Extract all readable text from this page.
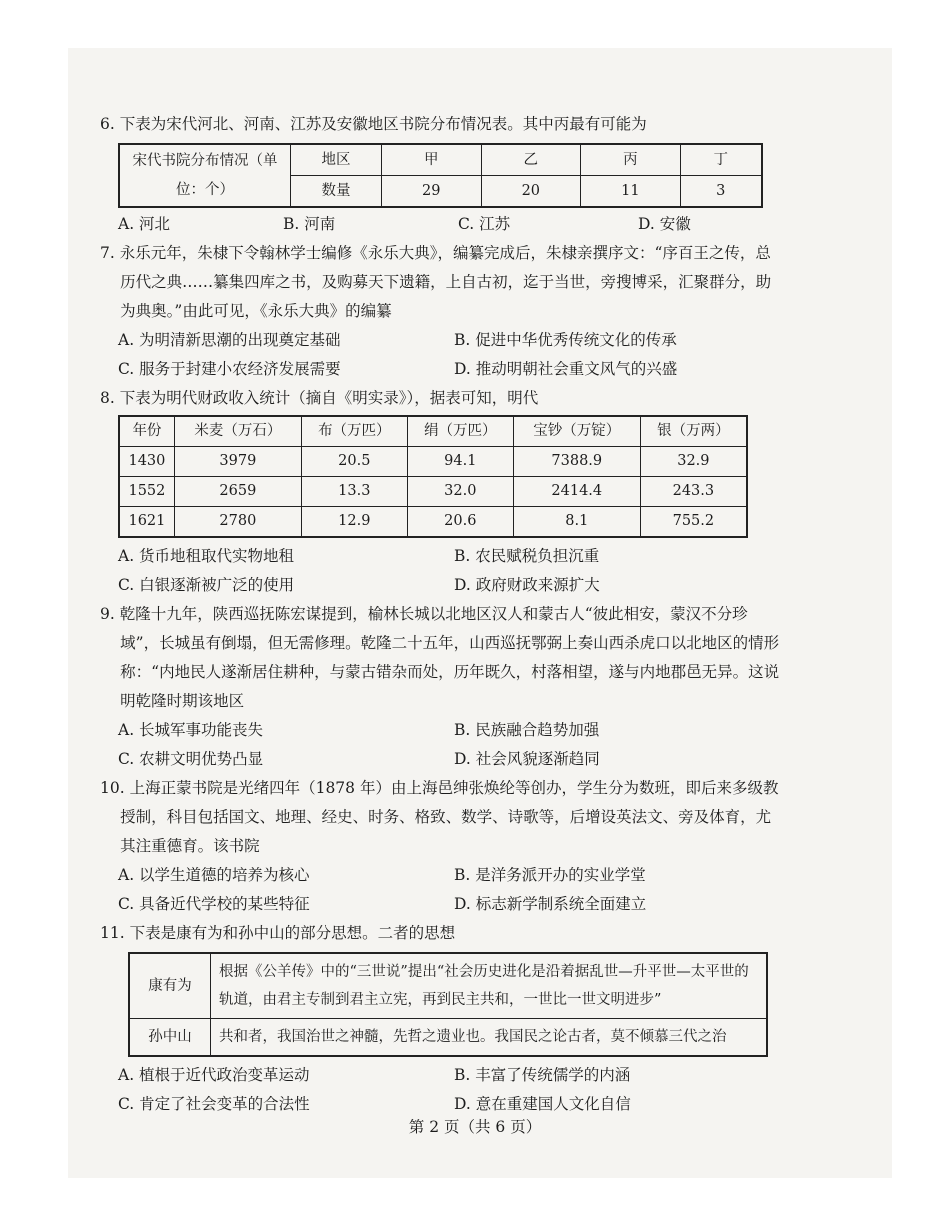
6. 下表为宋代河北、河南、江苏及安徽地区书院分布情况表。其中丙最有可能为
宋代书院分布情况（单位：个）	地区	甲	乙	丙	丁
	数量	29	20	11	3
A. 河北	B. 河南	C. 江苏	D. 安徽
7. 永乐元年，朱棣下令翰林学士编修《永乐大典》，编纂完成后，朱棣亲撰序文：“序百王之传，总历代之典……纂集四库之书，及购募天下遗籍，上自古初，迄于当世，旁搜博采，汇聚群分，助为典奥。”由此可见，《永乐大典》的编纂
A. 为明清新思潮的出现奠定基础	B. 促进中华优秀传统文化的传承
C. 服务于封建小农经济发展需要	D. 推动明朝社会重文风气的兴盛
8. 下表为明代财政收入统计（摘自《明实录》），据表可知，明代
年份	米麦（万石）	布（万匹）	绢（万匹）	宝钞（万锭）	银（万两）
1430	3979	20.5	94.1	7388.9	32.9
1552	2659	13.3	32.0	2414.4	243.3
1621	2780	12.9	20.6	8.1	755.2
A. 货币地租取代实物地租	B. 农民赋税负担沉重
C. 白银逐渐被广泛的使用	D. 政府财政来源扩大
9. 乾隆十九年，陕西巡抚陈宏谋提到，榆林长城以北地区汉人和蒙古人“彼此相安，蒙汉不分珍域”，长城虽有倒塌，但无需修理。乾隆二十五年，山西巡抚鄂弼上奏山西杀虎口以北地区的情形称：“内地民人遂渐居住耕种，与蒙古错杂而处，历年既久，村落相望，遂与内地郡邑无异。这说明乾隆时期该地区
A. 长城军事功能丧失	B. 民族融合趋势加强
C. 农耕文明优势凸显	D. 社会风貌逐渐趋同
10. 上海正蒙书院是光绪四年（1878 年）由上海邑绅张焕纶等创办，学生分为数班，即后来多级教授制，科目包括国文、地理、经史、时务、格致、数学、诗歌等，后增设英法文、旁及体育，尤其注重德育。该书院
A. 以学生道德的培养为核心	B. 是洋务派开办的实业学堂
C. 具备近代学校的某些特征	D. 标志新学制系统全面建立
11. 下表是康有为和孙中山的部分思想。二者的思想
康有为	根据《公羊传》中的“三世说”提出“社会历史进化是沿着据乱世—升平世—太平世的轨道，由君主专制到君主立宪，再到民主共和，一世比一世文明进步”
孙中山	共和者，我国治世之神髓，先哲之遗业也。我国民之论古者，莫不倾慕三代之治
A. 植根于近代政治变革运动	B. 丰富了传统儒学的内涵
C. 肯定了社会变革的合法性	D. 意在重建国人文化自信
第 2 页（共 6 页）
